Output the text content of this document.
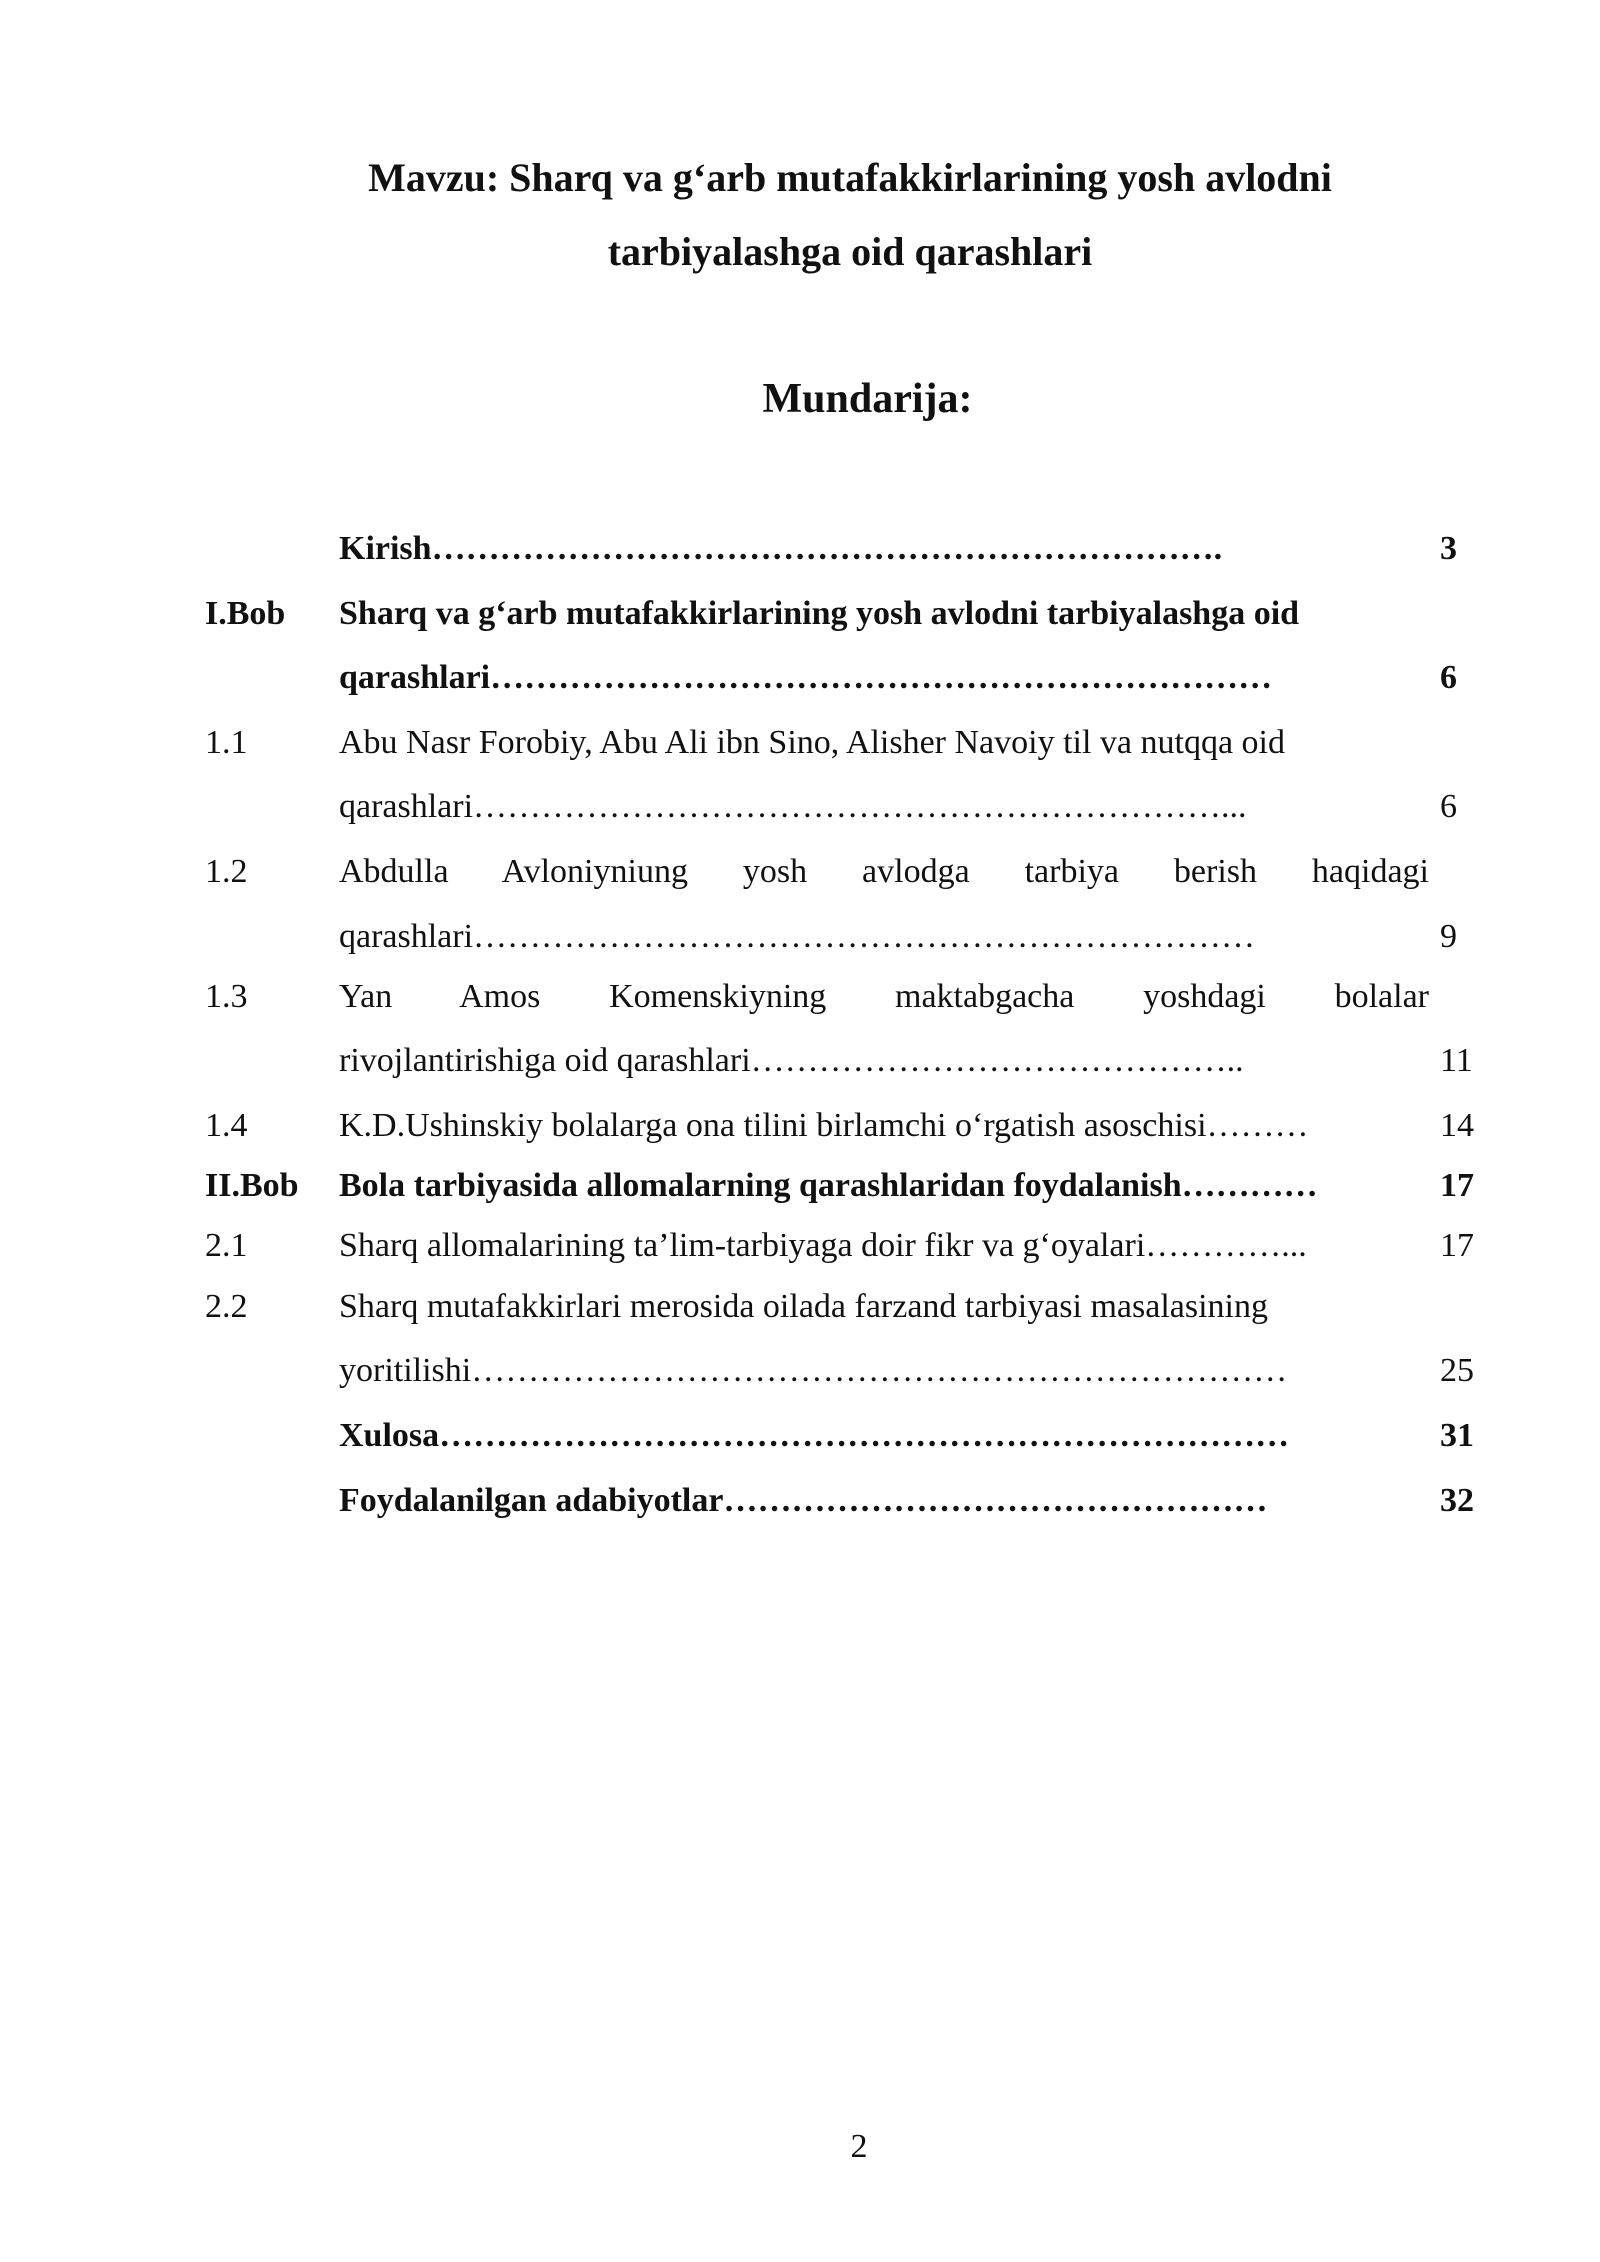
Mavzu: Sharq va g‘arb mutafakkirlarining yosh avlodni
tarbiyalashga oid qarashlari
Mundarija:
Kirish…………………………………………………………….	3
I.Bob	Sharq va g‘arb mutafakkirlarining yosh avlodni tarbiyalashga oid
qarashlari……………………………………………………………	6
1.1	Abu Nasr Forobiy, Abu Ali ibn Sino, Alisher Navoiy til va nutqqa oid
qarashlari…………………………………………………………...	6
1.2	Abdulla Avloniyniung yosh avlodga tarbiya berish haqidagi
qarashlari……………………………………………………………	9
1.3	Yan Amos Komenskiyning maktabgacha yoshdagi bolalar
rivojlantirishiga oid qarashlari……………………………………..	11
1.4	K.D.Ushinskiy bolalarga ona tilini birlamchi o‘rgatish asoschisi………	14
II.Bob	Bola tarbiyasida allomalarning qarashlaridan foydalanish…………	17
2.1	Sharq allomalarining ta’lim-tarbiyaga doir fikr va g‘oyalari…………...	17
2.2	Sharq mutafakkirlari merosida oilada farzand tarbiyasi masalasining
yoritilishi………………………………………………………………	25
Xulosa…………………………………………………………………	31
Foydalanilgan adabiyotlar…………………………………………	32
2
